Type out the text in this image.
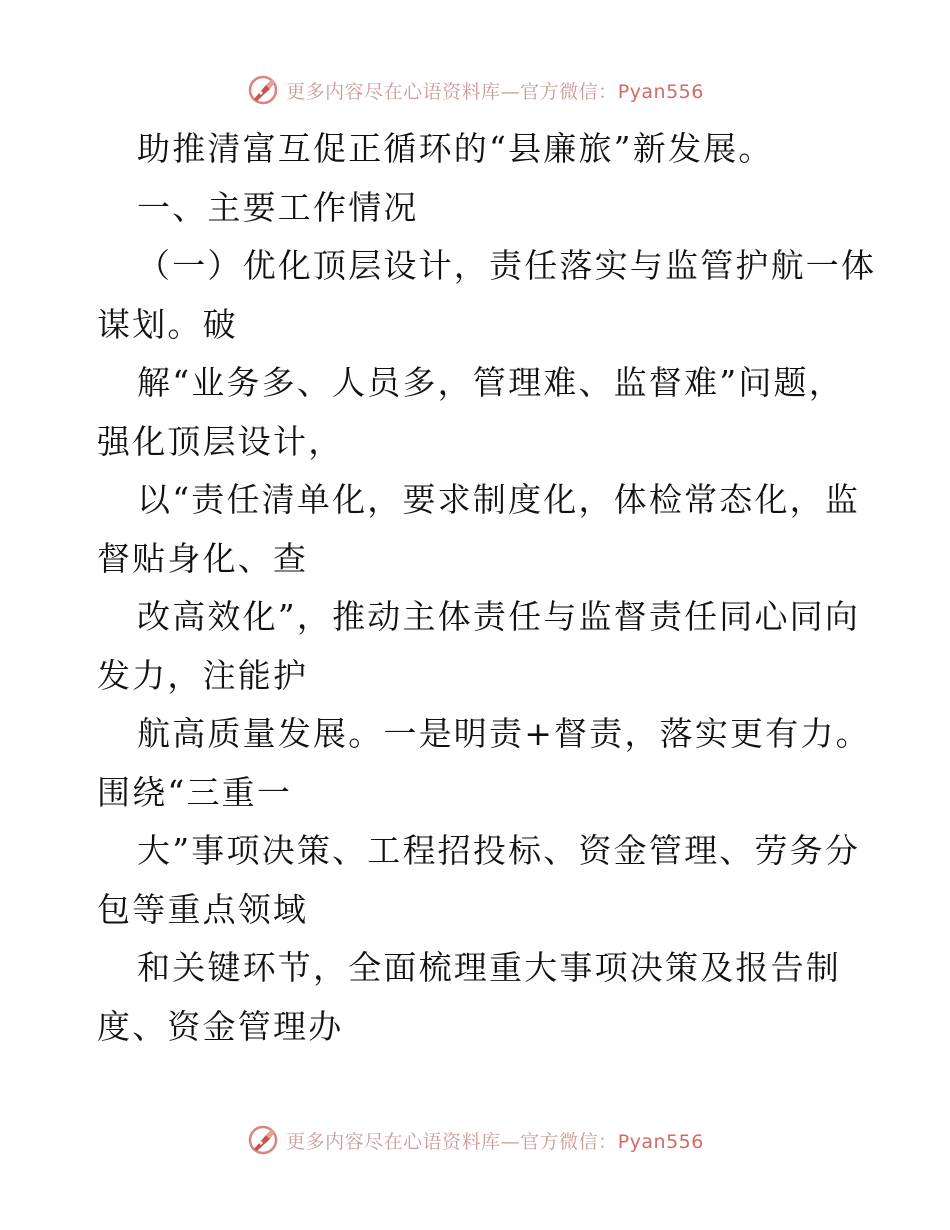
更多内容尽在心语资料库—官方微信：Pyan556
助推清富互促正循环的“县廉旅”新发展。
一、主要工作情况
（一）优化顶层设计，责任落实与监管护航一体
谋划。破
解“业务多、人员多，管理难、监督难”问题，
强化顶层设计，
以“责任清单化，要求制度化，体检常态化，监
督贴身化、查
改高效化”，推动主体责任与监督责任同心同向
发力，注能护
航高质量发展。一是明责+督责，落实更有力。
围绕“三重一
大”事项决策、工程招投标、资金管理、劳务分
包等重点领域
和关键环节，全面梳理重大事项决策及报告制
度、资金管理办
更多内容尽在心语资料库—官方微信：Pyan556
